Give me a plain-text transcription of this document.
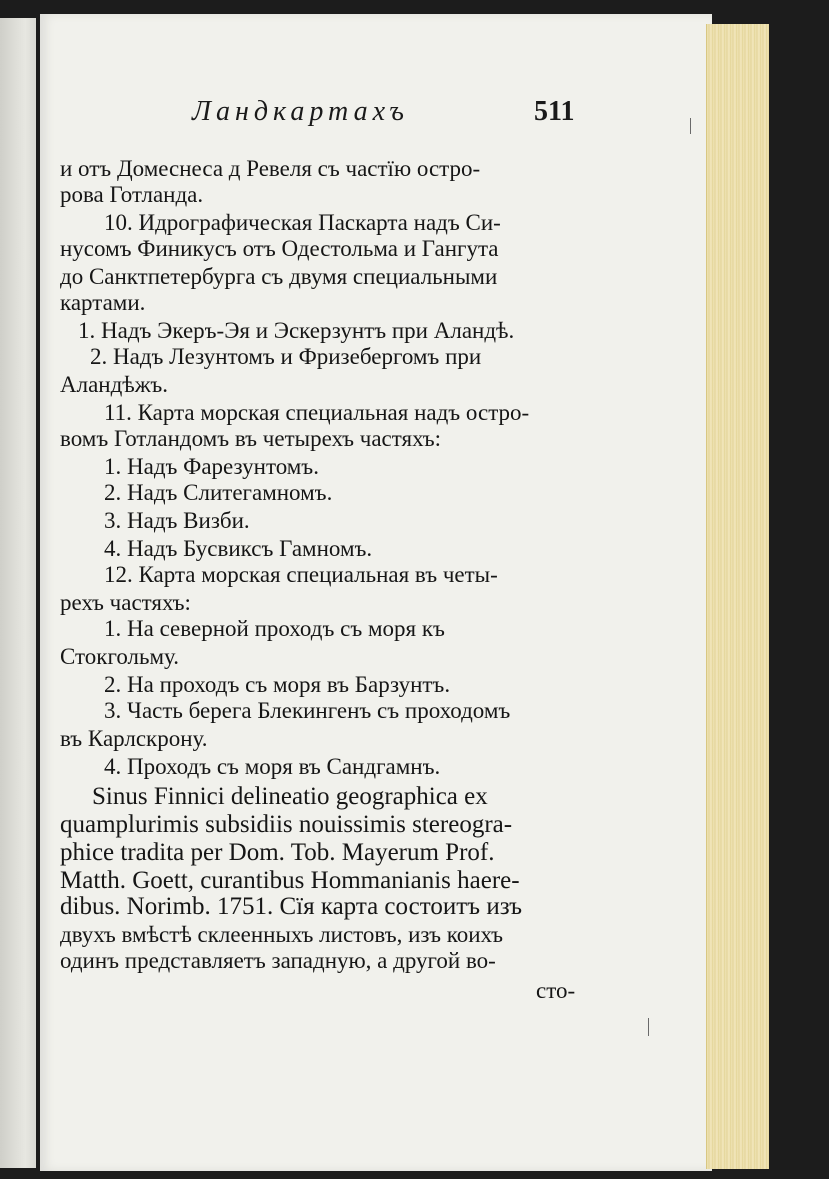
Ландкартахъ	511
и отъ Домеснеса д Ревеля съ частїю остро-
рова Готланда.
10. Идрографическая Паскарта надъ Си-
нусомъ Финикусъ отъ Одестольма и Гангута
до Санктпетербурга съ двумя специальными
картами.
1. Надъ Экеръ-Эя и Эскерзунтъ при Аландѣ.
2. Надъ Лезунтомъ и Фризебергомъ при
Аландѣжъ.
11. Карта морская специальная надъ остро-
вомъ Готландомъ въ четырехъ частяхъ:
1. Надъ Фарезунтомъ.
2. Надъ Слитегамномъ.
3. Надъ Визби.
4. Надъ Бусвиксъ Гамномъ.
12. Карта морская специальная въ четы-
рехъ частяхъ:
1. На северной проходъ съ моря къ
Стокгольму.
2. На проходъ съ моря въ Барзунтъ.
3. Часть берега Блекингенъ съ проходомъ
въ Карлскрону.
4. Проходъ съ моря въ Сандгамнъ.
Sinus Finnici delineatio geographica ex
quamplurimis subsidiis nouissimis stereogra-
phice tradita per Dom. Tob. Mayerum Prof.
Matth. Goett, curantibus Hommanianis haere-
dibus. Norimb. 1751. Сїя карта состоитъ изъ
двухъ вмѣстѣ склеенныхъ листовъ, изъ коихъ
одинъ представляетъ западную, а другой во-
сто-
